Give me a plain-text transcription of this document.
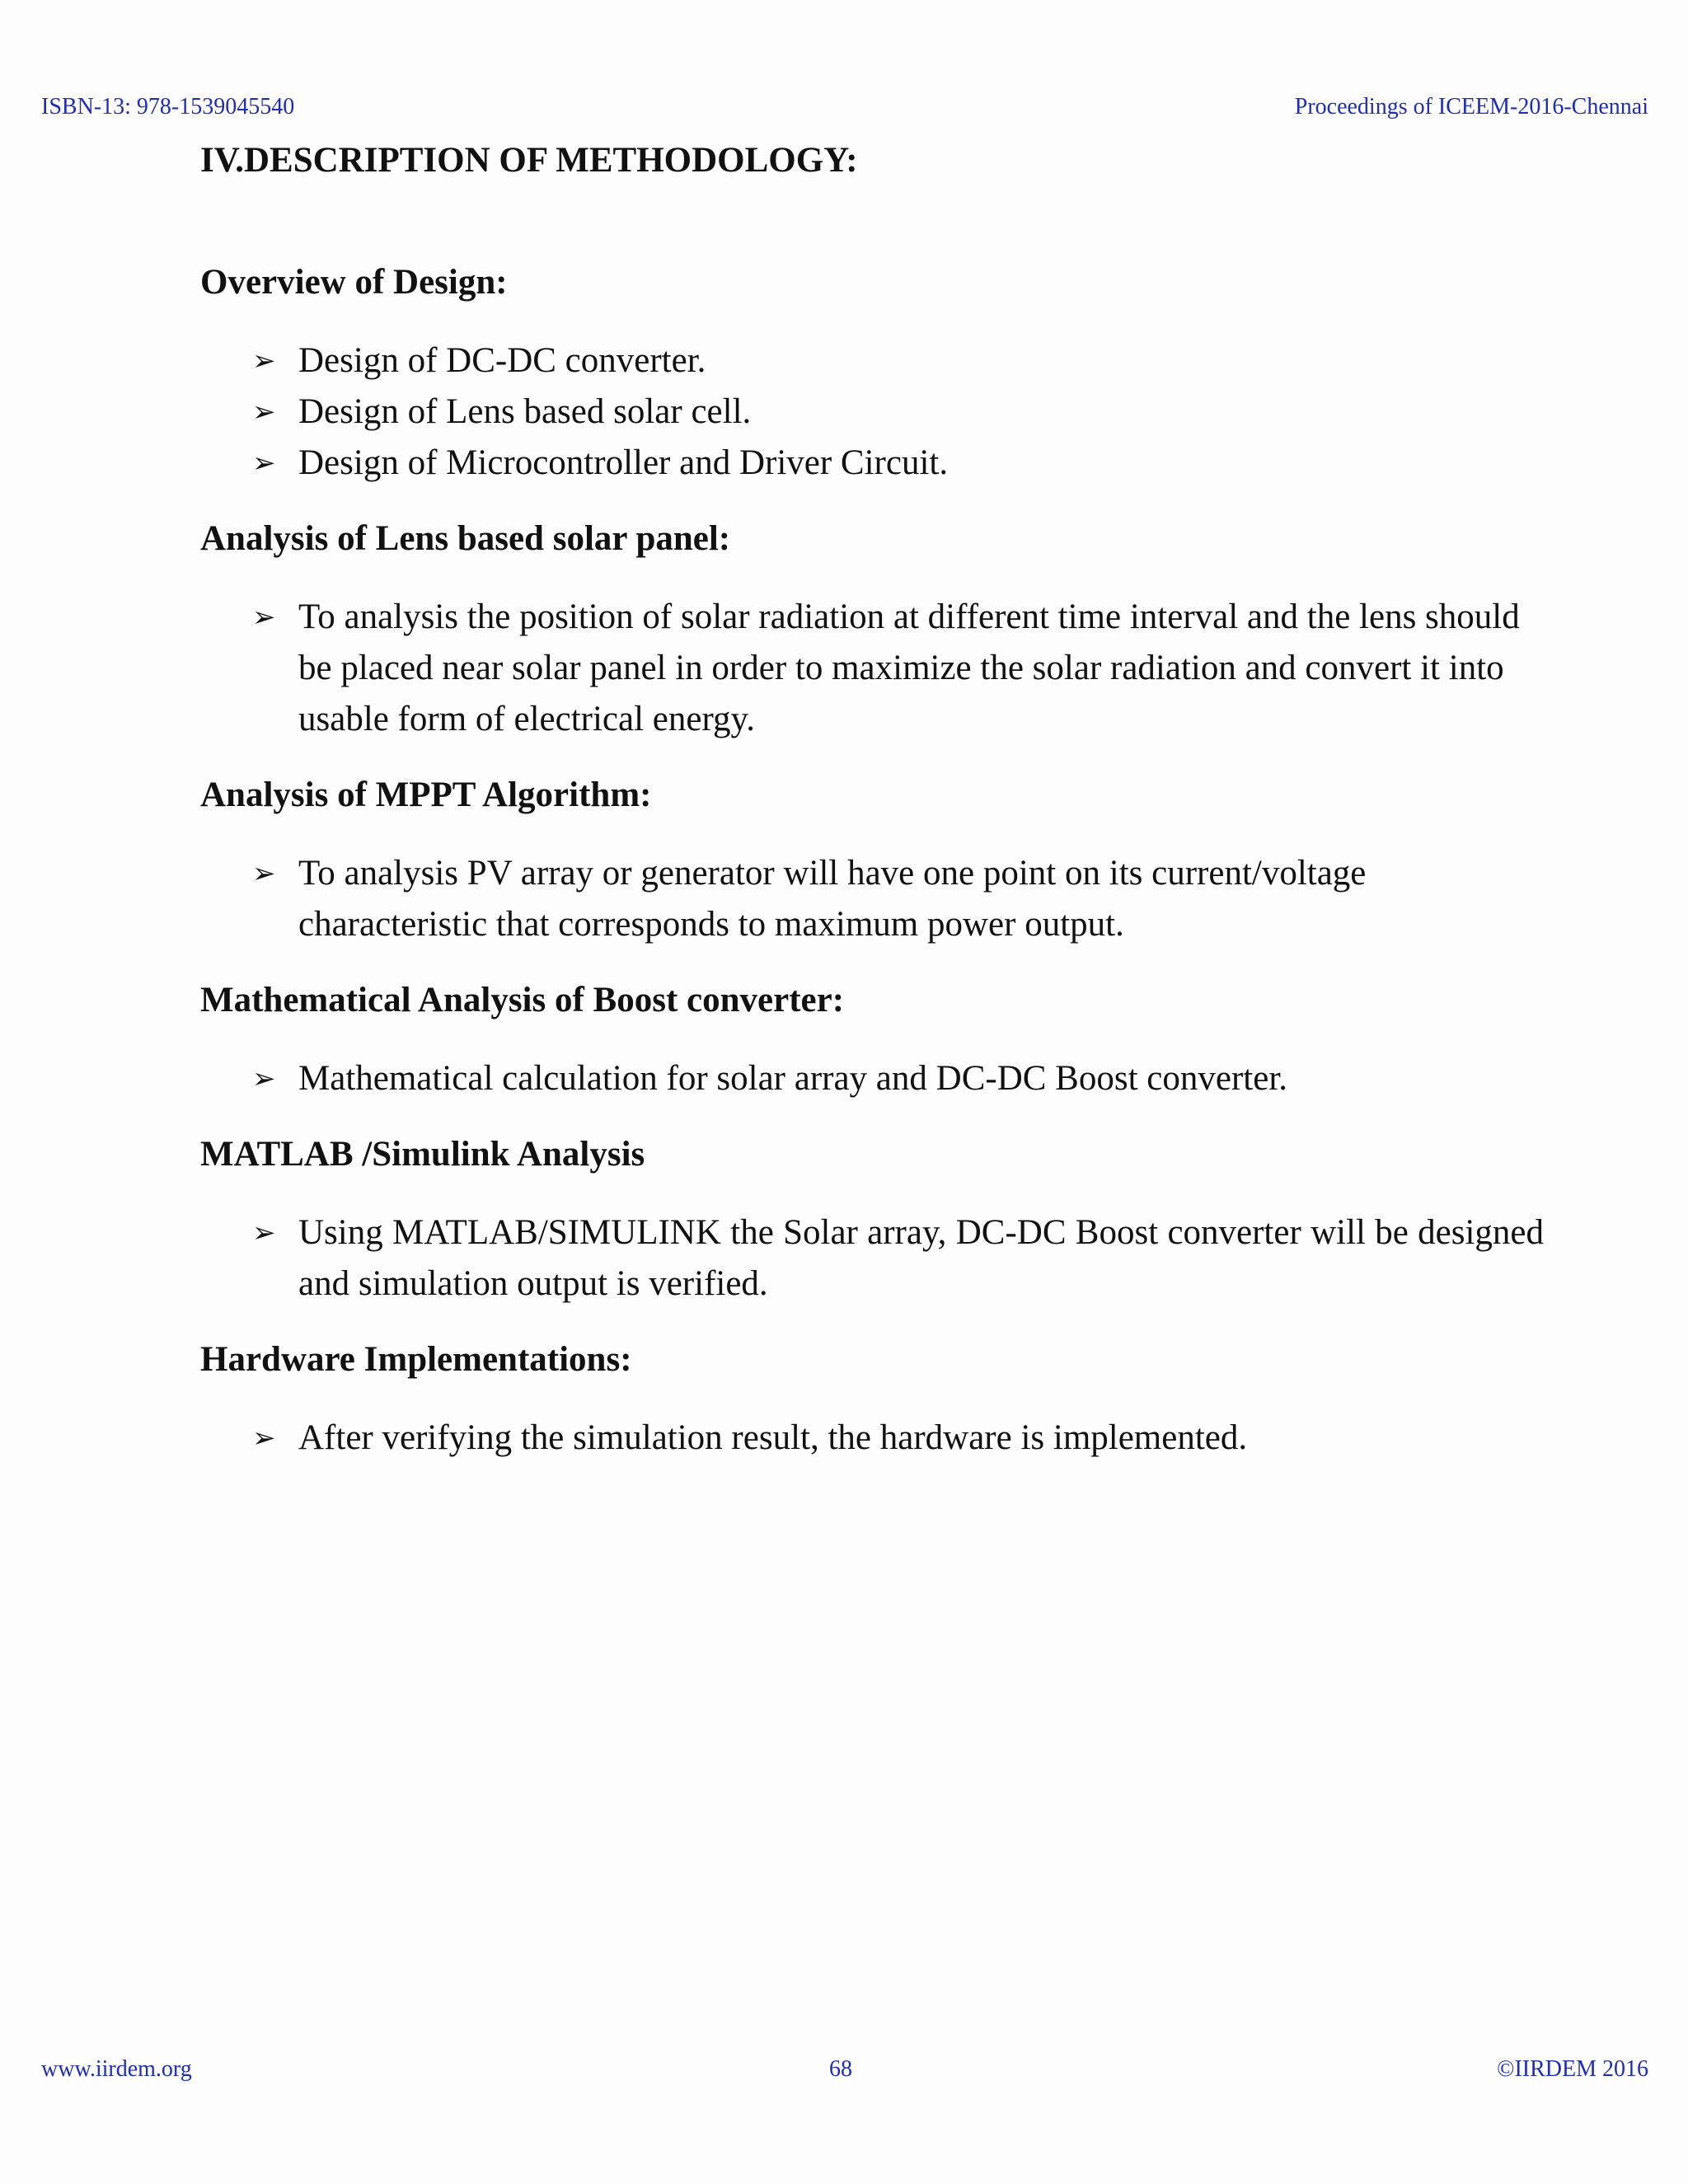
ISBN-13: 978-1539045540	Proceedings of ICEEM-2016-Chennai
IV.DESCRIPTION OF METHODOLOGY:
Overview of Design:
➢ Design of DC-DC converter.
➢ Design of Lens based solar cell.
➢ Design of Microcontroller and Driver Circuit.
Analysis of Lens based solar panel:
➢ To analysis the position of solar radiation at different time interval and the lens should be placed near solar panel in order to maximize the solar radiation and convert it into usable form of electrical energy.
Analysis of MPPT Algorithm:
➢ To analysis PV array or generator will have one point on its current/voltage characteristic that corresponds to maximum power output.
Mathematical Analysis of Boost converter:
➢ Mathematical calculation for solar array and DC-DC Boost converter.
MATLAB /Simulink Analysis
➢ Using MATLAB/SIMULINK the Solar array, DC-DC Boost converter will be designed and simulation output is verified.
Hardware Implementations:
➢ After verifying the simulation result, the hardware is implemented.
www.iirdem.org	68	©IIRDEM 2016
